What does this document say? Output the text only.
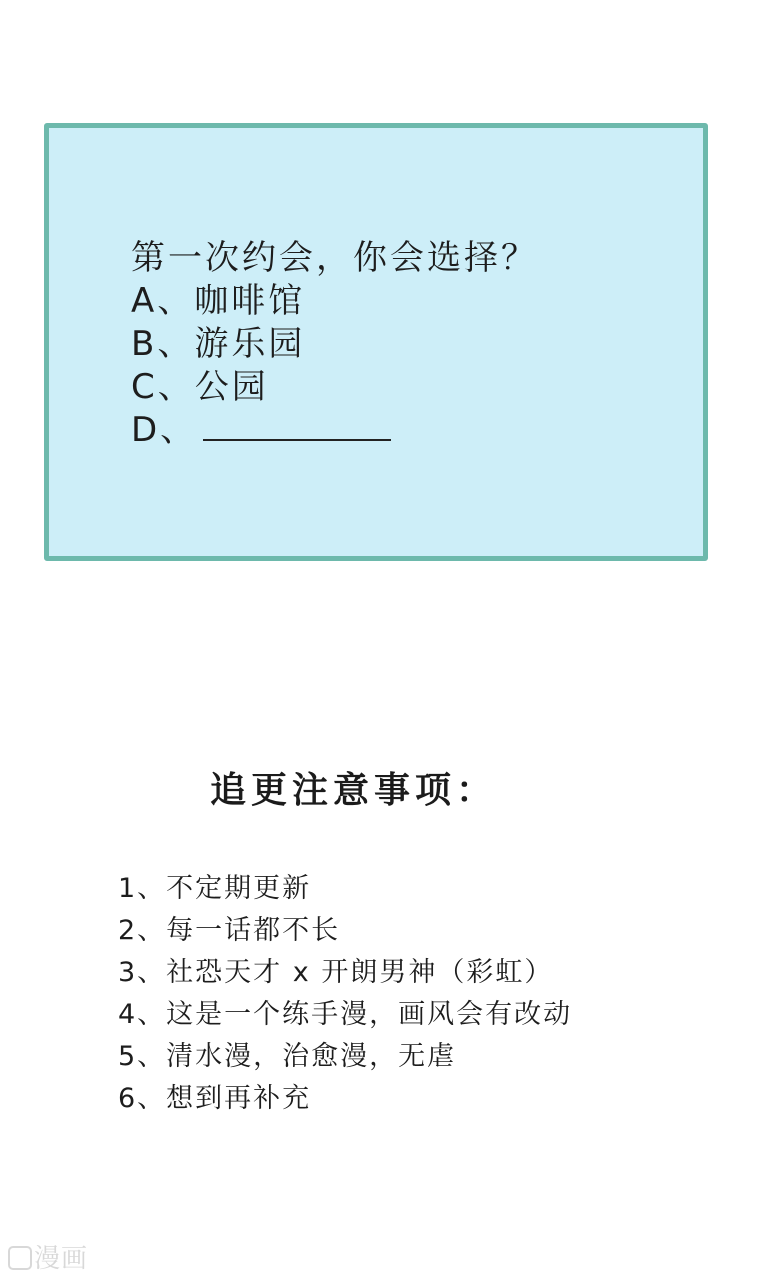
第一次约会，你会选择？
A、咖啡馆
B、游乐园
C、公园
D、
追更注意事项：
1、不定期更新
2、每一话都不长
3、社恐天才 x 开朗男神（彩虹）
4、这是一个练手漫，画风会有改动
5、清水漫，治愈漫，无虐
6、想到再补充
漫画
